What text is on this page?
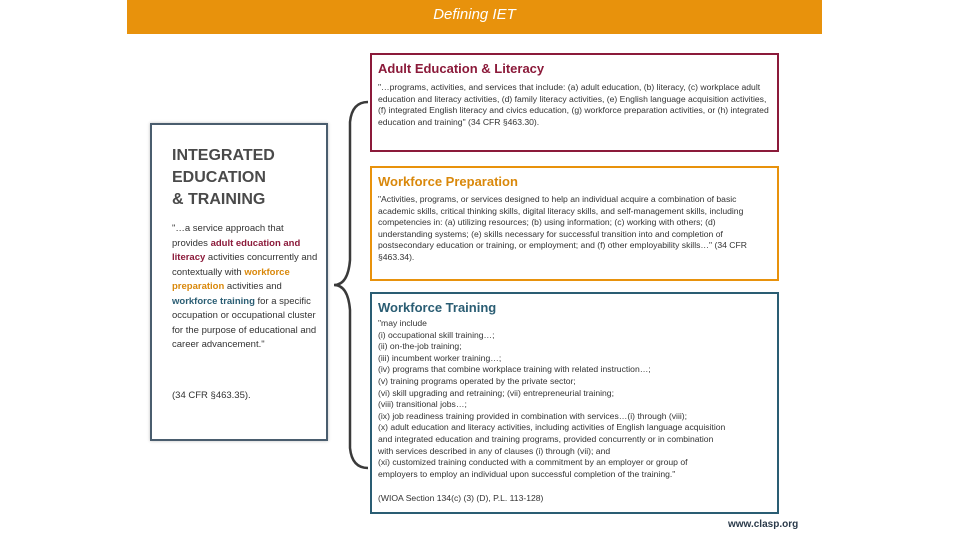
Defining IET
INTEGRATED
EDUCATION
& TRAINING
"…a service approach that provides adult education and literacy activities concurrently and contextually with workforce preparation activities and workforce training for a specific occupation or occupational cluster for the purpose of educational and career advancement."
(34 CFR §463.35).
Adult Education & Literacy
"…programs, activities, and services that include: (a) adult education, (b) literacy, (c) workplace adult education and literacy activities, (d) family literacy activities, (e) English language acquisition activities, (f) integrated English literacy and civics education, (g) workforce preparation activities, or (h) integrated education and training" (34 CFR §463.30).
Workforce Preparation
"Activities, programs, or services designed to help an individual acquire a combination of basic academic skills, critical thinking skills, digital literacy skills, and self-management skills, including competencies in: (a) utilizing resources; (b) using information; (c) working with others; (d) understanding systems; (e) skills necessary for successful transition into and completion of postsecondary education or training, or employment; and (f) other employability skills…" (34 CFR §463.34).
Workforce Training
"may include
(i) occupational skill training…;
(ii) on-the-job training;
(iii) incumbent worker training…;
(iv) programs that combine workplace training with related instruction…;
(v) training programs operated by the private sector;
(vi) skill upgrading and retraining; (vii) entrepreneurial training;
(viii) transitional jobs…;
(ix) job readiness training provided in combination with services…(i) through (viii);
(x) adult education and literacy activities, including activities of English language acquisition
and integrated education and training programs, provided concurrently or in combination
with services described in any of clauses (i) through (vii); and
(xi) customized training conducted with a commitment by an employer or group of
employers to employ an individual upon successful completion of the training."
(WIOA Section 134(c) (3) (D), P.L. 113-128)
www.clasp.org
